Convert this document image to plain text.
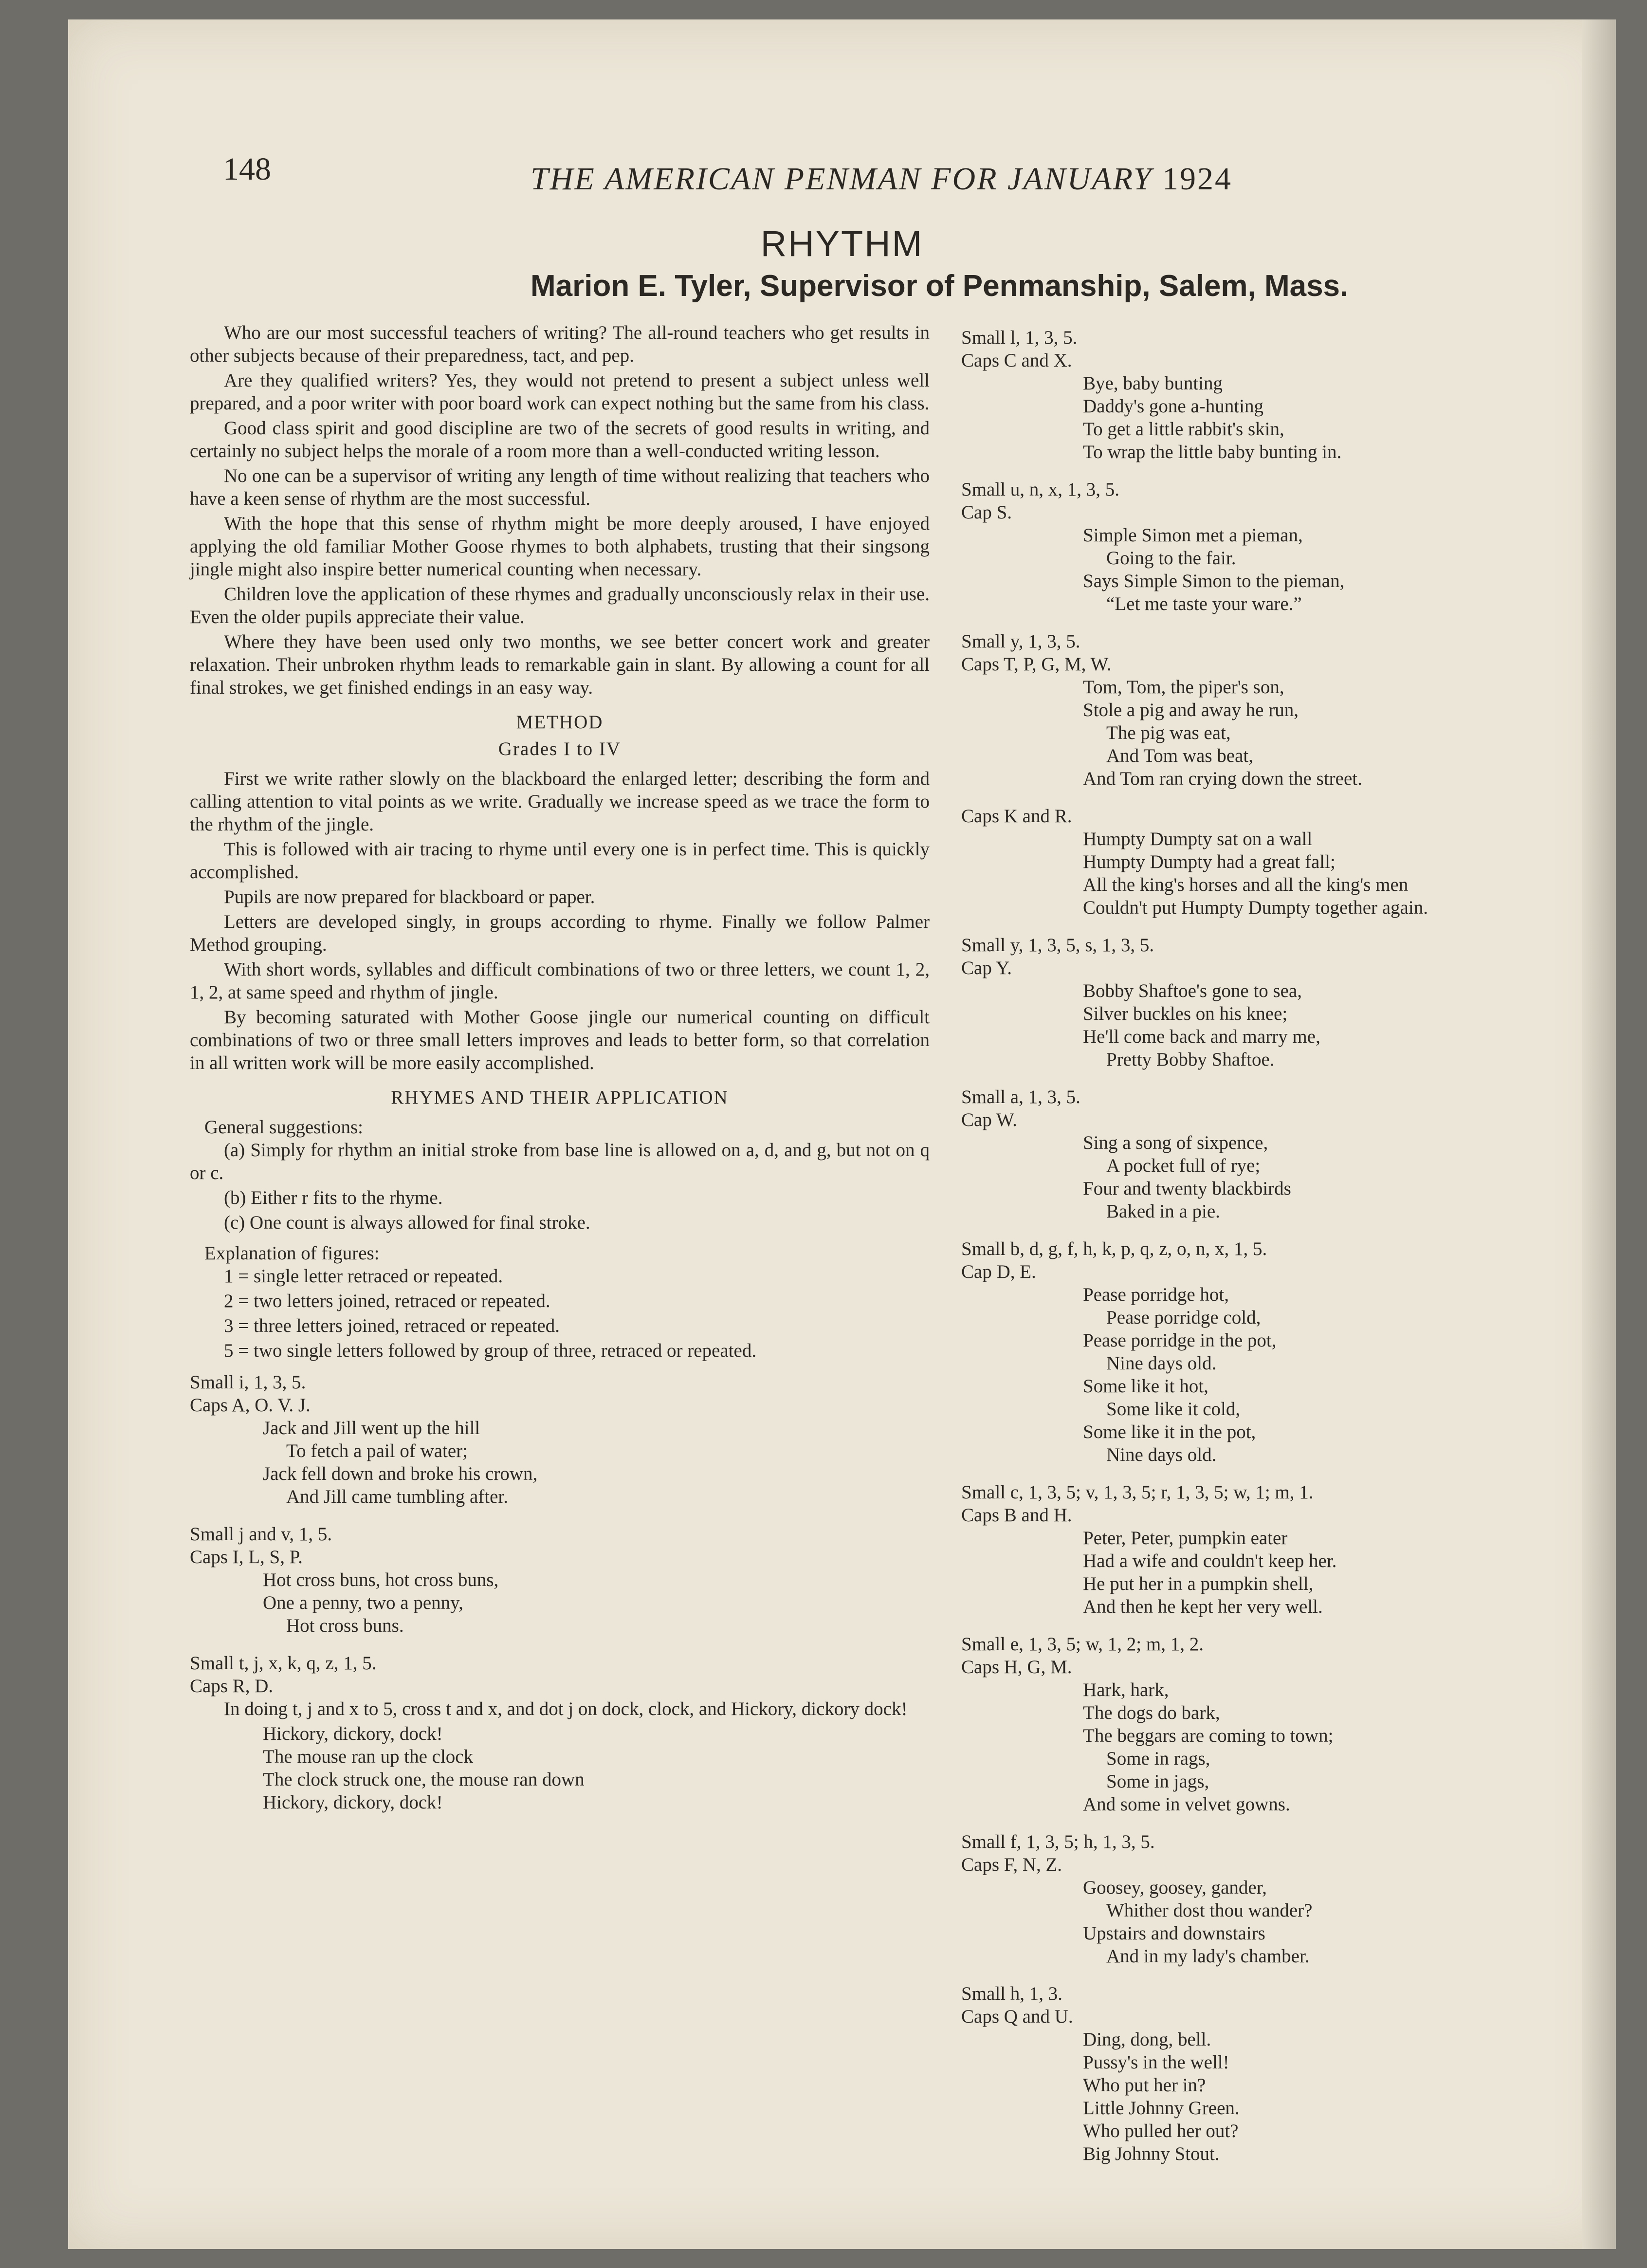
148	THE AMERICAN PENMAN FOR JANUARY 1924
RHYTHM
Marion E. Tyler, Supervisor of Penmanship, Salem, Mass.

Who are our most successful teachers of writing? The all-round teachers who get results in other subjects because of their preparedness, tact, and pep.

Are they qualified writers? Yes, they would not pretend to present a subject unless well prepared, and a poor writer with poor board work can expect nothing but the same from his class.

Good class spirit and good discipline are two of the secrets of good results in writing, and certainly no subject helps the morale of a room more than a well-conducted writing lesson.

No one can be a supervisor of writing any length of time without realizing that teachers who have a keen sense of rhythm are the most successful.

With the hope that this sense of rhythm might be more deeply aroused, I have enjoyed applying the old familiar Mother Goose rhymes to both alphabets, trusting that their singsong jingle might also inspire better numerical counting when necessary.

Children love the application of these rhymes and gradually unconsciously relax in their use. Even the older pupils appreciate their value.

Where they have been used only two months, we see better concert work and greater relaxation. Their unbroken rhythm leads to remarkable gain in slant. By allowing a count for all final strokes, we get finished endings in an easy way.

METHOD
Grades I to IV

First we write rather slowly on the blackboard the enlarged letter; describing the form and calling attention to vital points as we write. Gradually we increase speed as we trace the form to the rhythm of the jingle.

This is followed with air tracing to rhyme until every one is in perfect time. This is quickly accomplished.

Pupils are now prepared for blackboard or paper.

Letters are developed singly, in groups according to rhyme. Finally we follow Palmer Method grouping.

With short words, syllables and difficult combinations of two or three letters, we count 1, 2, 1, 2, at same speed and rhythm of jingle.

By becoming saturated with Mother Goose jingle our numerical counting on difficult combinations of two or three small letters improves and leads to better form, so that correlation in all written work will be more easily accomplished.

RHYMES AND THEIR APPLICATION

General suggestions:

(a) Simply for rhythm an initial stroke from base line is allowed on a, d, and g, but not on q or c.

(b) Either r fits to the rhyme.

(c) One count is always allowed for final stroke.

Explanation of figures:

1 = single letter retraced or repeated.

2 = two letters joined, retraced or repeated.

3 = three letters joined, retraced or repeated.

5 = two single letters followed by group of three, retraced or repeated.

Small i, 1, 3, 5.

Caps A, O. V. J.

Jack and Jill went up the hill

To fetch a pail of water;

Jack fell down and broke his crown,

And Jill came tumbling after.

Small j and v, 1, 5.

Caps I, L, S, P.

Hot cross buns, hot cross buns,

One a penny, two a penny,

Hot cross buns.

Small t, j, x, k, q, z, 1, 5.

Caps R, D.

In doing t, j and x to 5, cross t and x, and dot j on dock, clock, and Hickory, dickory dock!

Hickory, dickory, dock!

The mouse ran up the clock

The clock struck one, the mouse ran down

Hickory, dickory, dock!

Small l, 1, 3, 5.

Caps C and X.

Bye, baby bunting

Daddy's gone a-hunting

To get a little rabbit's skin,

To wrap the little baby bunting in.

Small u, n, x, 1, 3, 5.

Cap S.

Simple Simon met a pieman,

Going to the fair.

Says Simple Simon to the pieman,

“Let me taste your ware.”

Small y, 1, 3, 5.

Caps T, P, G, M, W.

Tom, Tom, the piper's son,

Stole a pig and away he run,

The pig was eat,

And Tom was beat,

And Tom ran crying down the street.

Caps K and R.

Humpty Dumpty sat on a wall

Humpty Dumpty had a great fall;

All the king's horses and all the king's men

Couldn't put Humpty Dumpty together again.

Small y, 1, 3, 5, s, 1, 3, 5.

Cap Y.

Bobby Shaftoe's gone to sea,

Silver buckles on his knee;

He'll come back and marry me,

Pretty Bobby Shaftoe.

Small a, 1, 3, 5.

Cap W.

Sing a song of sixpence,

A pocket full of rye;

Four and twenty blackbirds

Baked in a pie.

Small b, d, g, f, h, k, p, q, z, o, n, x, 1, 5.

Cap D, E.

Pease porridge hot,

Pease porridge cold,

Pease porridge in the pot,

Nine days old.

Some like it hot,

Some like it cold,

Some like it in the pot,

Nine days old.

Small c, 1, 3, 5; v, 1, 3, 5; r, 1, 3, 5; w, 1; m, 1.

Caps B and H.

Peter, Peter, pumpkin eater

Had a wife and couldn't keep her.

He put her in a pumpkin shell,

And then he kept her very well.

Small e, 1, 3, 5; w, 1, 2; m, 1, 2.

Caps H, G, M.

Hark, hark,

The dogs do bark,

The beggars are coming to town;

Some in rags,

Some in jags,

And some in velvet gowns.

Small f, 1, 3, 5; h, 1, 3, 5.

Caps F, N, Z.

Goosey, goosey, gander,

Whither dost thou wander?

Upstairs and downstairs

And in my lady's chamber.

Small h, 1, 3.

Caps Q and U.

Ding, dong, bell.

Pussy's in the well!

Who put her in?

Little Johnny Green.

Who pulled her out?

Big Johnny Stout.
